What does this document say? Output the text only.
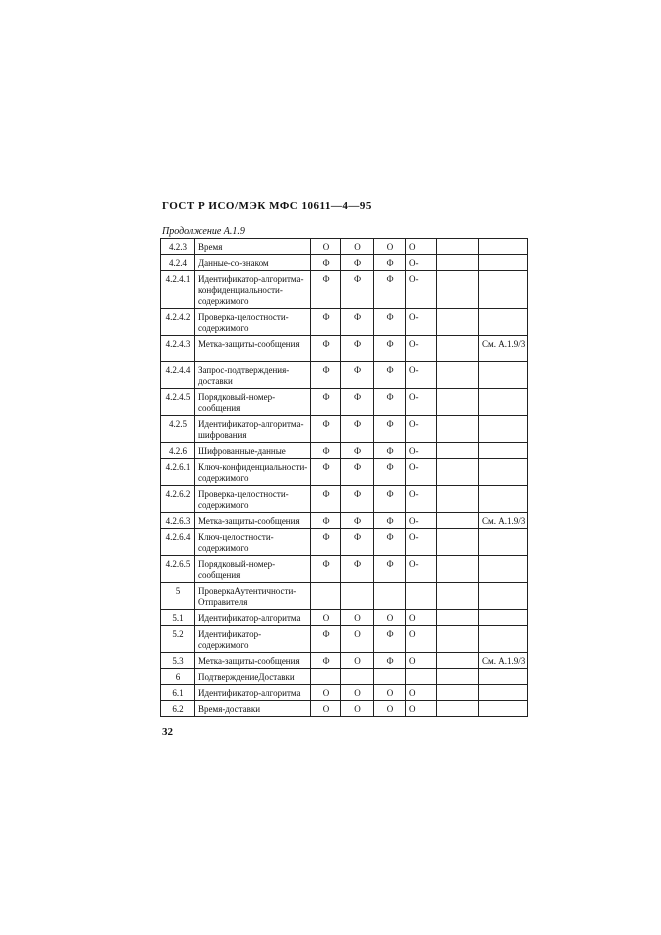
ГОСТ Р ИСО/МЭК МФС 10611—4—95
Продолжение А.1.9
4.2.3	Время	О	О	О	О		
4.2.4	Данные-со-знаком	Ф	Ф	Ф	О-		
4.2.4.1	Идентификатор-алгоритма-конфиденциальности-содержимого	Ф	Ф	Ф	О-		
4.2.4.2	Проверка-целостности-содержимого	Ф	Ф	Ф	О-		
4.2.4.3	Метка-защиты-сообщения	Ф	Ф	Ф	О-		См. А.1.9/3
4.2.4.4	Запрос-подтверждения-доставки	Ф	Ф	Ф	О-		
4.2.4.5	Порядковый-номер-сообщения	Ф	Ф	Ф	О-		
4.2.5	Идентификатор-алгоритма-шифрования	Ф	Ф	Ф	О-		
4.2.6	Шифрованные-данные	Ф	Ф	Ф	О-		
4.2.6.1	Ключ-конфиденциальности-содержимого	Ф	Ф	Ф	О-		
4.2.6.2	Проверка-целостности-содержимого	Ф	Ф	Ф	О-		
4.2.6.3	Метка-защиты-сообщения	Ф	Ф	Ф	О-		См. А.1.9/3
4.2.6.4	Ключ-целостности-содержимого	Ф	Ф	Ф	О-		
4.2.6.5	Порядковый-номер-сообщения	Ф	Ф	Ф	О-		
5	ПроверкаАутентичности-Отправителя						
5.1	Идентификатор-алгоритма	О	О	О	О		
5.2	Идентификатор-содержимого	Ф	О	Ф	О		
5.3	Метка-защиты-сообщения	Ф	О	Ф	О		См. А.1.9/3
6	ПодтверждениеДоставки						
6.1	Идентификатор-алгоритма	О	О	О	О		
6.2	Время-доставки	О	О	О	О		
32
